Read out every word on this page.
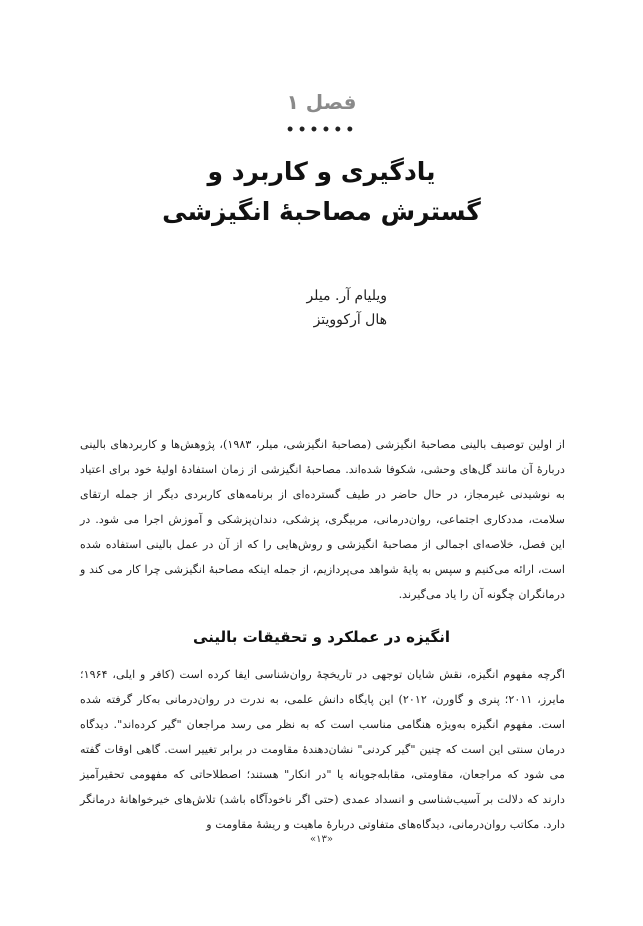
فصل ۱
••••••
یادگیری و کاربرد و
گسترش مصاحبهٔ انگیزشی
ویلیام آر. میلر
هال آرکوویتز
از اولین توصیف بالینی مصاحبهٔ انگیزشی (مصاحبهٔ انگیزشی، میلر، ۱۹۸۳)، پژوهش‌ها و کاربردهای بالینی دربارهٔ آن مانند گل‌های وحشی، شکوفا شده‌اند. مصاحبهٔ انگیزشی از زمان استفادهٔ اولیهٔ خود برای اعتیاد به نوشیدنی غیرمجاز، در حال حاضر در طیف گسترده‌ای از برنامه‌های کاربردی دیگر از جمله ارتقای سلامت، مددکاری اجتماعی، روان‌درمانی، مربیگری، پزشکی، دندان‌پزشکی و آموزش اجرا می شود. در این فصل، خلاصه‌ای اجمالی از مصاحبهٔ انگیزشی و روش‌هایی را که از آن در عمل بالینی استفاده شده است، ارائه می‌کنیم و سپس به پایهٔ شواهد می‌پردازیم، از جمله اینکه مصاحبهٔ انگیزشی چرا کار می کند و درمانگران چگونه آن را یاد می‌گیرند.
انگیزه در عملکرد و تحقیقات بالینی
اگرچه مفهوم انگیزه، نقش شایان توجهی در تاریخچهٔ روان‌شناسی ایفا کرده است (کافر و ایلی، ۱۹۶۴؛ مایرز، ۲۰۱۱؛ پنری و گاورن، ۲۰۱۲) این پایگاه دانش علمی، به ندرت در روان‌درمانی به‌کار گرفته شده است. مفهوم انگیزه به‌ویژه هنگامی مناسب است که به نظر می رسد مراجعان "گیر کرده‌اند". دیدگاه درمان سنتی این است که چنین "گیر کردنی" نشان‌دهندهٔ مقاومت در برابر تغییر است. گاهی اوقات گفته می شود که مراجعان، مقاومتی، مقابله‌جویانه یا "در انکار" هستند؛ اصطلاحاتی که مفهومی تحقیرآمیز دارند که دلالت بر آسیب‌شناسی و انسداد عمدی (حتی اگر ناخودآگاه باشد) تلاش‌های خیرخواهانهٔ درمانگر دارد. مکاتب روان‌درمانی، دیدگاه‌های متفاوتی دربارهٔ ماهیت و ریشهٔ مقاومت و
«۱۳»
